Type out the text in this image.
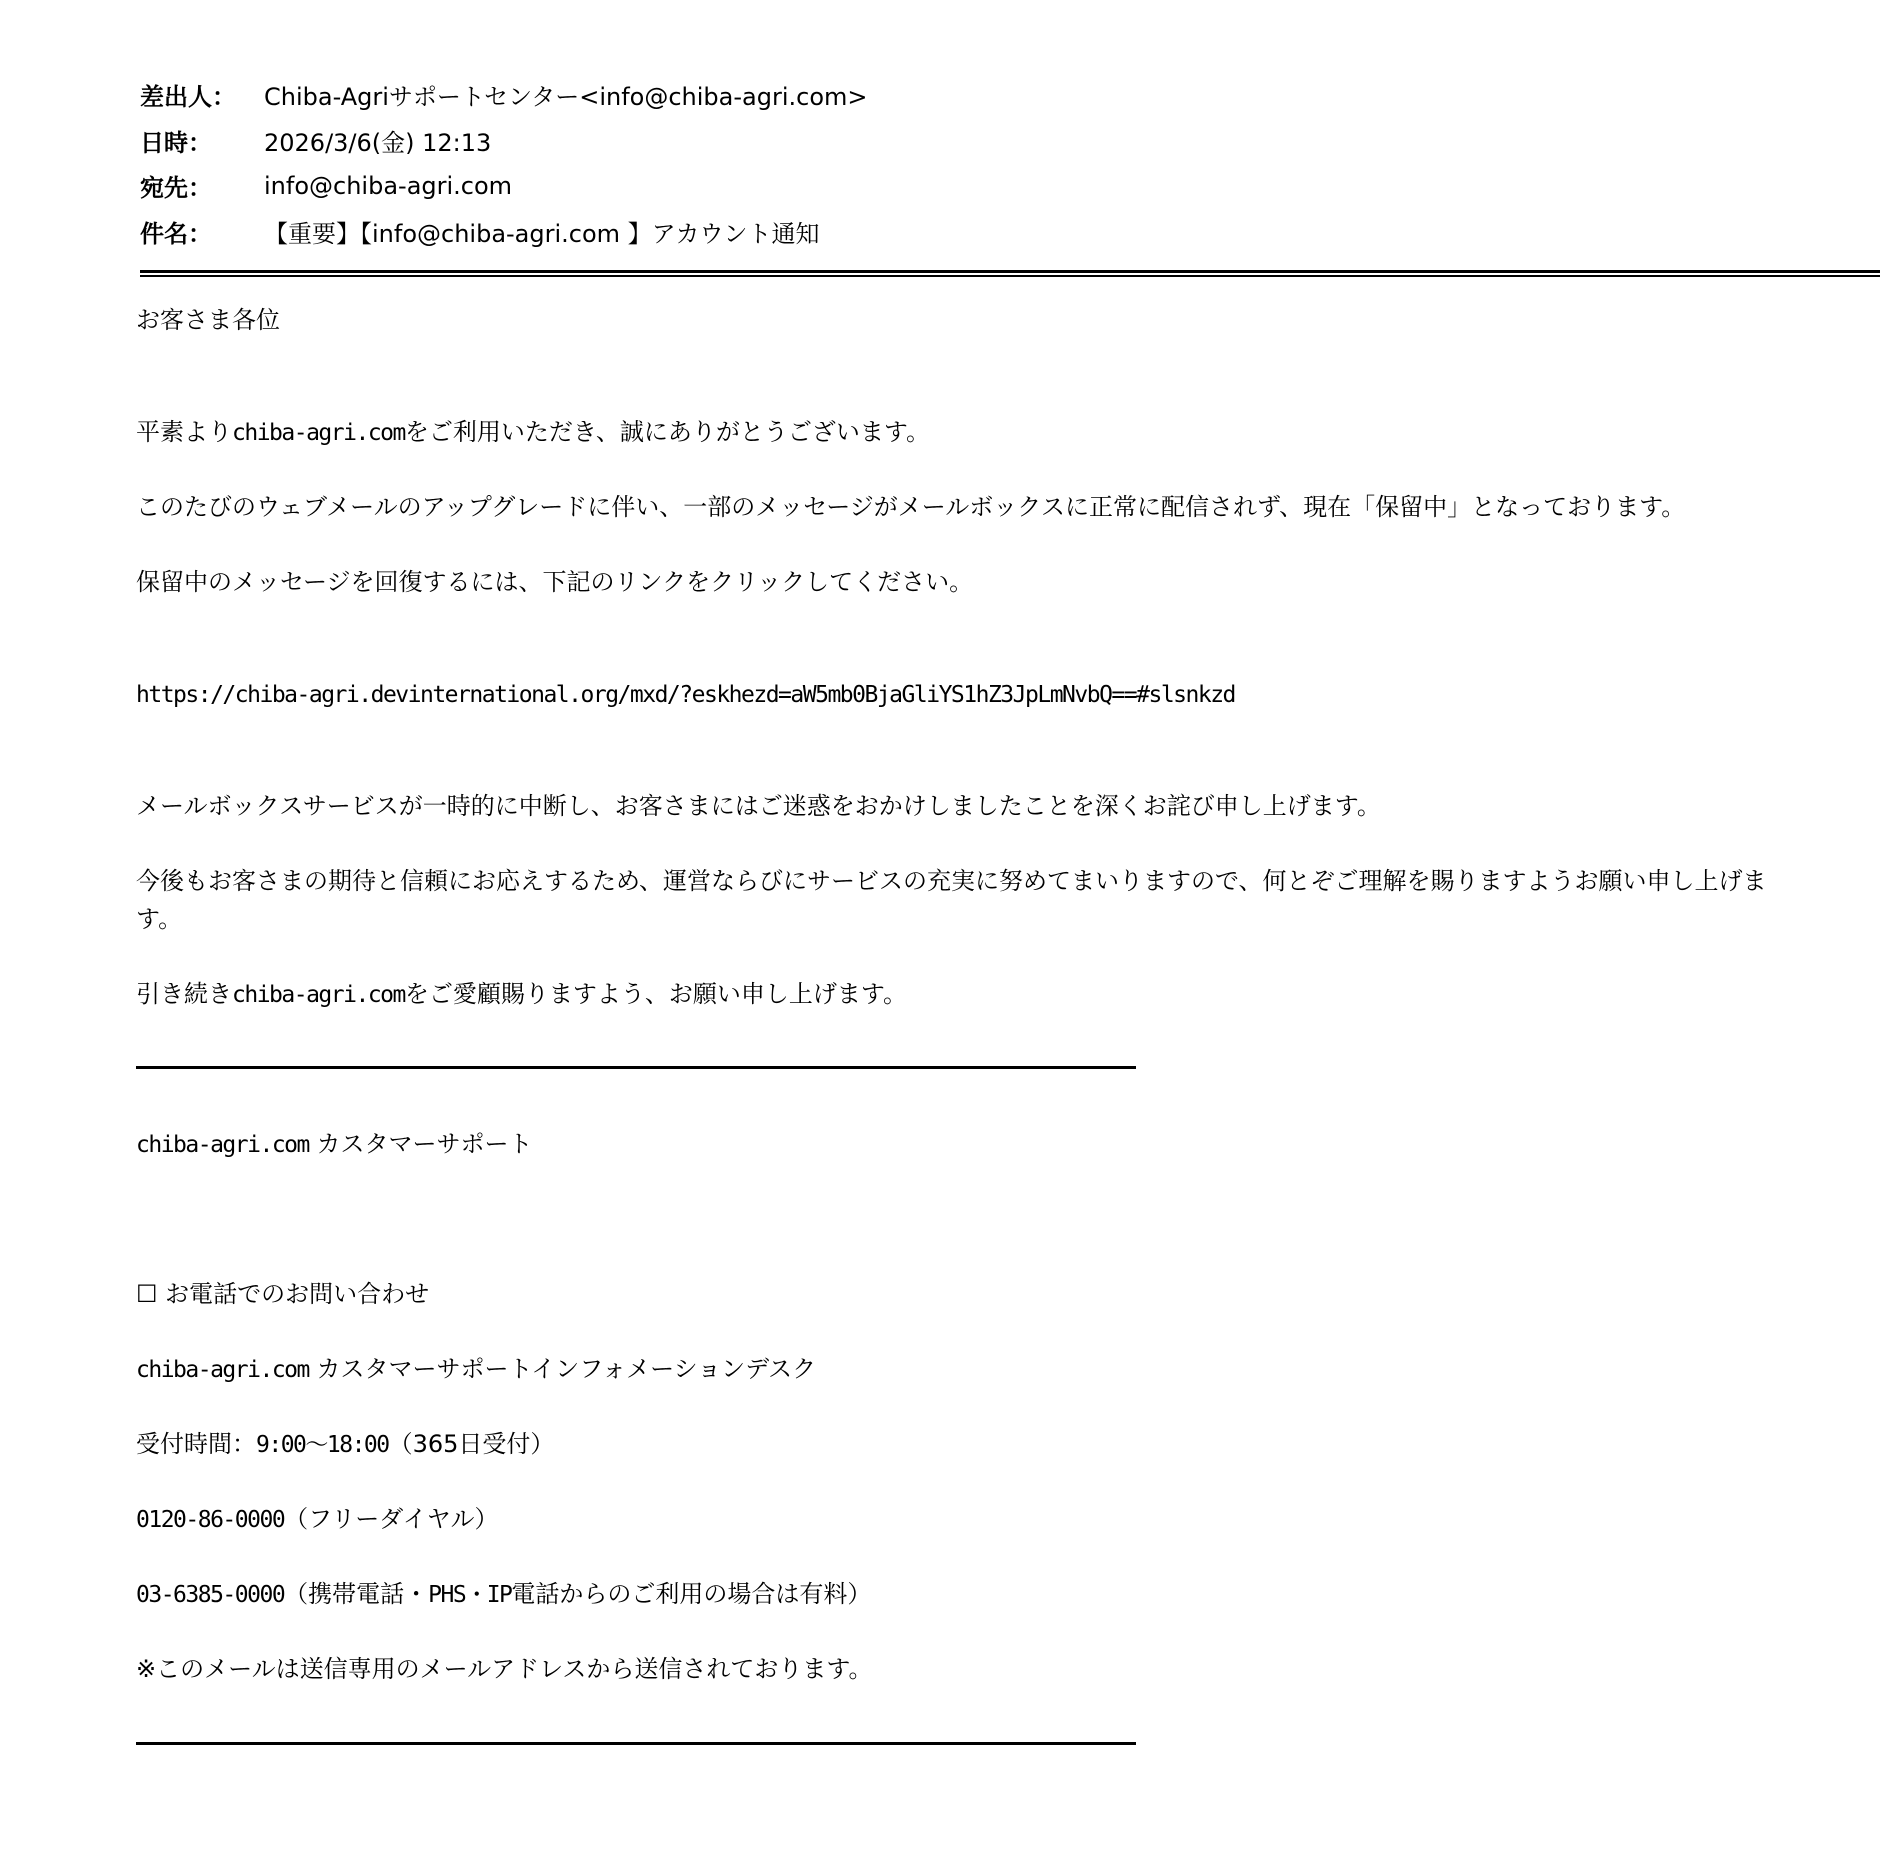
差出人：	Chiba-Agriサポートセンター<info@chiba-agri.com>
日時：	2026/3/6(金) 12:13
宛先：	info@chiba-agri.com
件名：	【重要】【info@chiba-agri.com 】アカウント通知
お客さま各位
平素よりchiba-agri.comをご利用いただき、誠にありがとうございます。
このたびのウェブメールのアップグレードに伴い、一部のメッセージがメールボックスに正常に配信されず、現在「保留中」となっております。
保留中のメッセージを回復するには、下記のリンクをクリックしてください。
https://chiba-agri.devinternational.org/mxd/?eskhezd=aW5mb0BjaGliYS1hZ3JpLmNvbQ==#slsnkzd
メールボックスサービスが一時的に中断し、お客さまにはご迷惑をおかけしましたことを深くお詫び申し上げます。
今後もお客さまの期待と信頼にお応えするため、運営ならびにサービスの充実に努めてまいりますので、何とぞご理解を賜りますようお願い申し上げます。
引き続きchiba-agri.comをご愛顧賜りますよう、お願い申し上げます。
chiba-agri.com カスタマーサポート
☐ お電話でのお問い合わせ
chiba-agri.com カスタマーサポートインフォメーションデスク
受付時間：9:00～18:00（365日受付）
0120-86-0000（フリーダイヤル）
03-6385-0000（携帯電話・PHS・IP電話からのご利用の場合は有料）
※このメールは送信専用のメールアドレスから送信されております。
